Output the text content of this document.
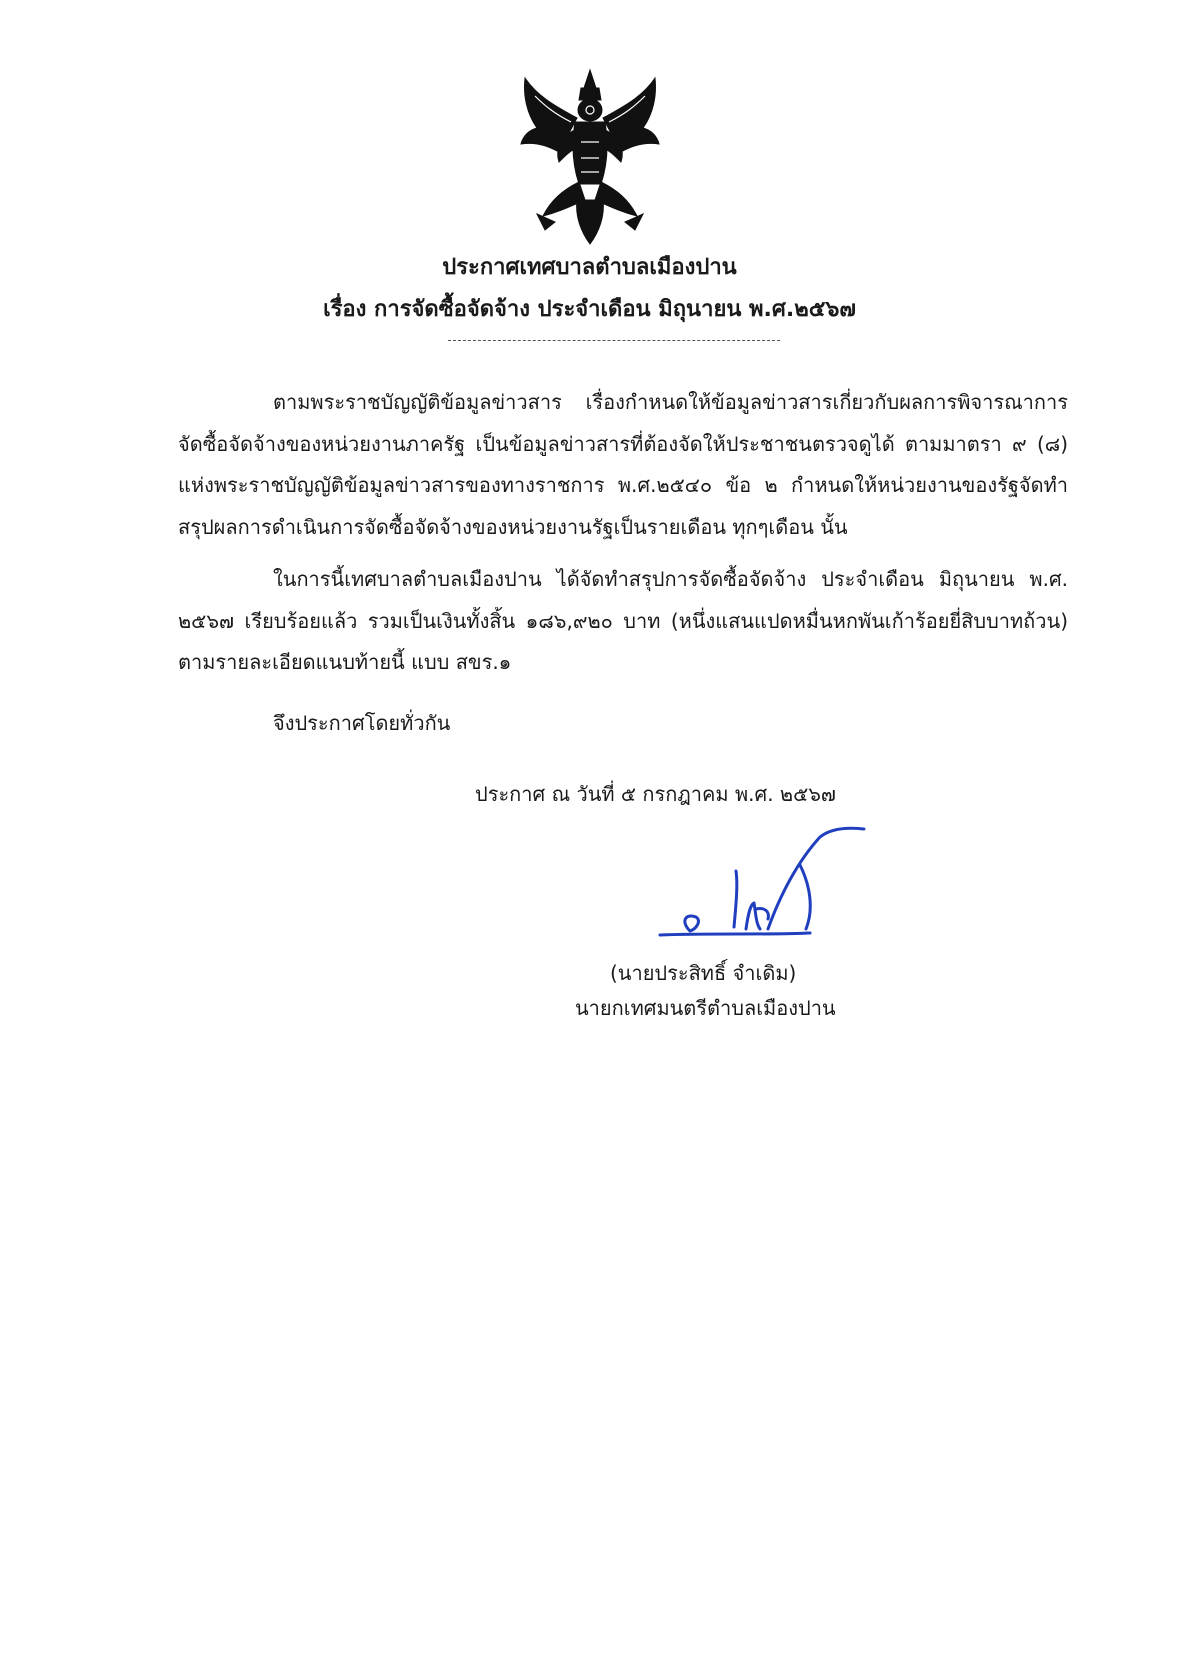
ประกาศเทศบาลตำบลเมืองปาน
เรื่อง การจัดซื้อจัดจ้าง ประจำเดือน มิถุนายน พ.ศ.๒๕๖๗

ตามพระราชบัญญัติข้อมูลข่าวสาร เรื่องกำหนดให้ข้อมูลข่าวสารเกี่ยวกับผลการพิจารณาการจัดซื้อจัดจ้างของหน่วยงานภาครัฐ เป็นข้อมูลข่าวสารที่ต้องจัดให้ประชาชนตรวจดูได้ ตามมาตรา ๙ (๘) แห่งพระราชบัญญัติข้อมูลข่าวสารของทางราชการ พ.ศ.๒๕๔๐ ข้อ ๒ กำหนดให้หน่วยงานของรัฐจัดทำสรุปผลการดำเนินการจัดซื้อจัดจ้างของหน่วยงานรัฐเป็นรายเดือน ทุกๆเดือน นั้น

ในการนี้เทศบาลตำบลเมืองปาน ได้จัดทำสรุปการจัดซื้อจัดจ้าง ประจำเดือน มิถุนายน พ.ศ. ๒๕๖๗ เรียบร้อยแล้ว รวมเป็นเงินทั้งสิ้น ๑๘๖,๙๒๐ บาท (หนึ่งแสนแปดหมื่นหกพันเก้าร้อยยี่สิบบาทถ้วน) ตามรายละเอียดแนบท้ายนี้ แบบ สขร.๑

จึงประกาศโดยทั่วกัน
ประกาศ ณ วันที่ ๕ กรกฎาคม พ.ศ. ๒๕๖๗
(นายประสิทธิ์ จำเดิม)
นายกเทศมนตรีตำบลเมืองปาน
